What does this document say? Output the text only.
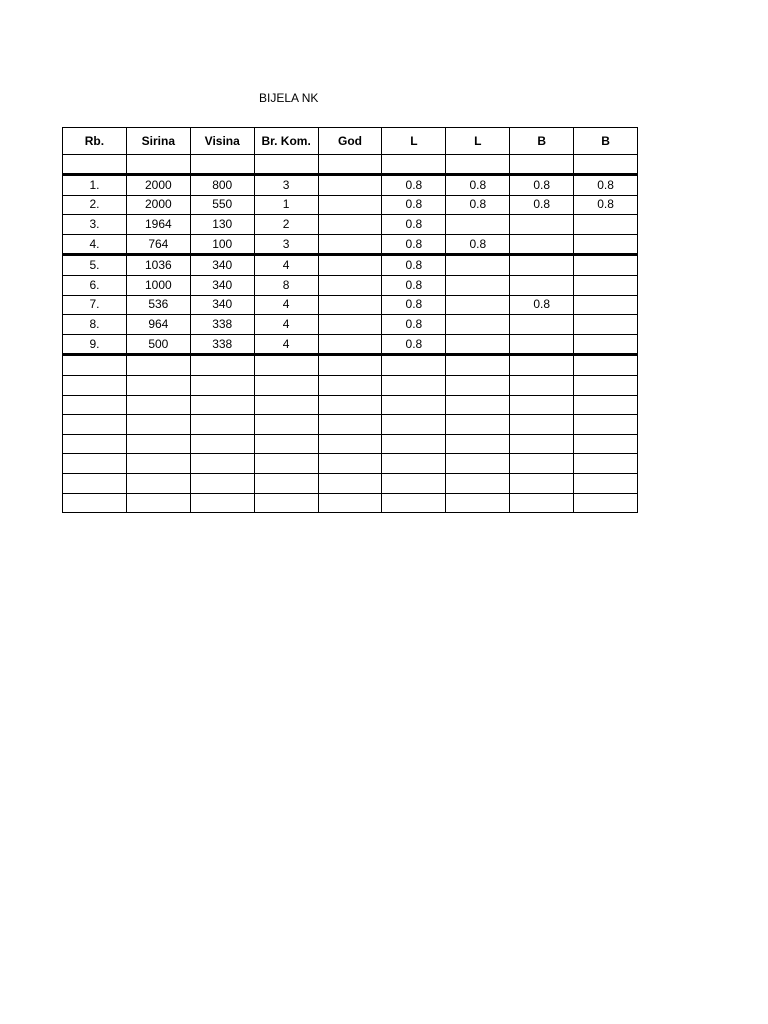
BIJELA NK
Rb.	Sirina	Visina	Br. Kom.	God	L	L	B	B

1.	2000	800	3		0.8	0.8	0.8	0.8
2.	2000	550	1		0.8	0.8	0.8	0.8
3.	1964	130	2		0.8			
4.	764	100	3		0.8	0.8		
5.	1036	340	4		0.8			
6.	1000	340	8		0.8			
7.	536	340	4		0.8		0.8	
8.	964	338	4		0.8			
9.	500	338	4		0.8			
